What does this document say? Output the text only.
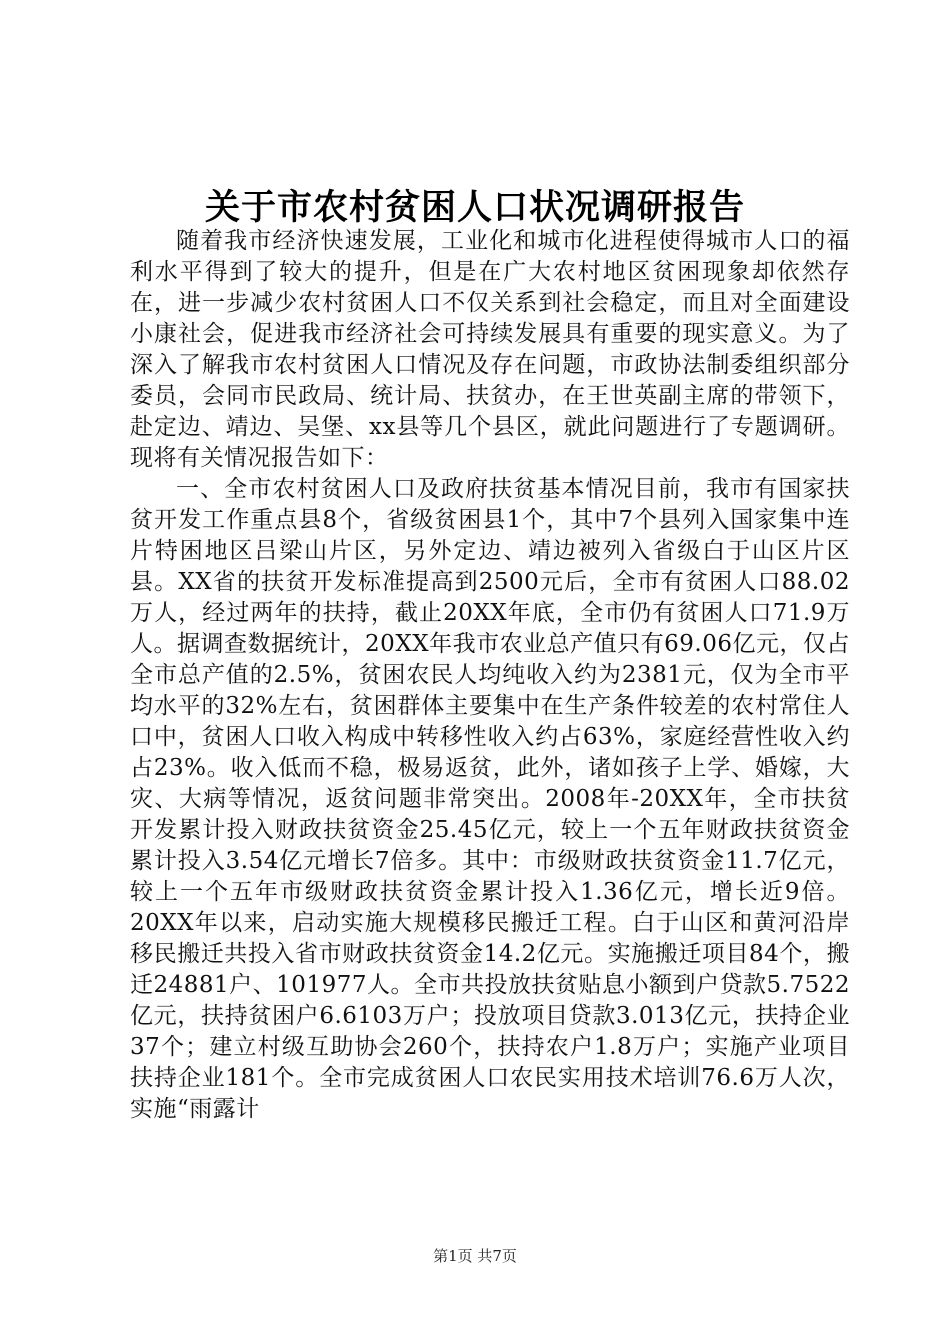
关于市农村贫困人口状况调研报告

随着我市经济快速发展，工业化和城市化进程使得城市人口的福利水平得到了较大的提升，但是在广大农村地区贫困现象却依然存在，进一步减少农村贫困人口不仅关系到社会稳定，而且对全面建设小康社会，促进我市经济社会可持续发展具有重要的现实意义。为了深入了解我市农村贫困人口情况及存在问题，市政协法制委组织部分委员，会同市民政局、统计局、扶贫办，在王世英副主席的带领下，赴定边、靖边、吴堡、xx县等几个县区，就此问题进行了专题调研。现将有关情况报告如下：

一、全市农村贫困人口及政府扶贫基本情况目前，我市有国家扶贫开发工作重点县8个，省级贫困县1个，其中7个县列入国家集中连片特困地区吕梁山片区，另外定边、靖边被列入省级白于山区片区县。XX省的扶贫开发标准提高到2500元后，全市有贫困人口88.02万人，经过两年的扶持，截止20XX年底，全市仍有贫困人口71.9万人。据调查数据统计，20XX年我市农业总产值只有69.06亿元，仅占全市总产值的2.5%，贫困农民人均纯收入约为2381元，仅为全市平均水平的32%左右，贫困群体主要集中在生产条件较差的农村常住人口中，贫困人口收入构成中转移性收入约占63%，家庭经营性收入约占23%。收入低而不稳，极易返贫，此外，诸如孩子上学、婚嫁，大灾、大病等情况，返贫问题非常突出。2008年-20XX年，全市扶贫开发累计投入财政扶贫资金25.45亿元，较上一个五年财政扶贫资金累计投入3.54亿元增长7倍多。其中：市级财政扶贫资金11.7亿元，较上一个五年市级财政扶贫资金累计投入1.36亿元，增长近9倍。20XX年以来，启动实施大规模移民搬迁工程。白于山区和黄河沿岸移民搬迁共投入省市财政扶贫资金14.2亿元。实施搬迁项目84个，搬迁24881户、101977人。全市共投放扶贫贴息小额到户贷款5.7522亿元，扶持贫困户6.6103万户；投放项目贷款3.013亿元，扶持企业37个；建立村级互助协会260个，扶持农户1.8万户；实施产业项目扶持企业181个。全市完成贫困人口农民实用技术培训76.6万人次，实施“雨露计

第1页 共7页
